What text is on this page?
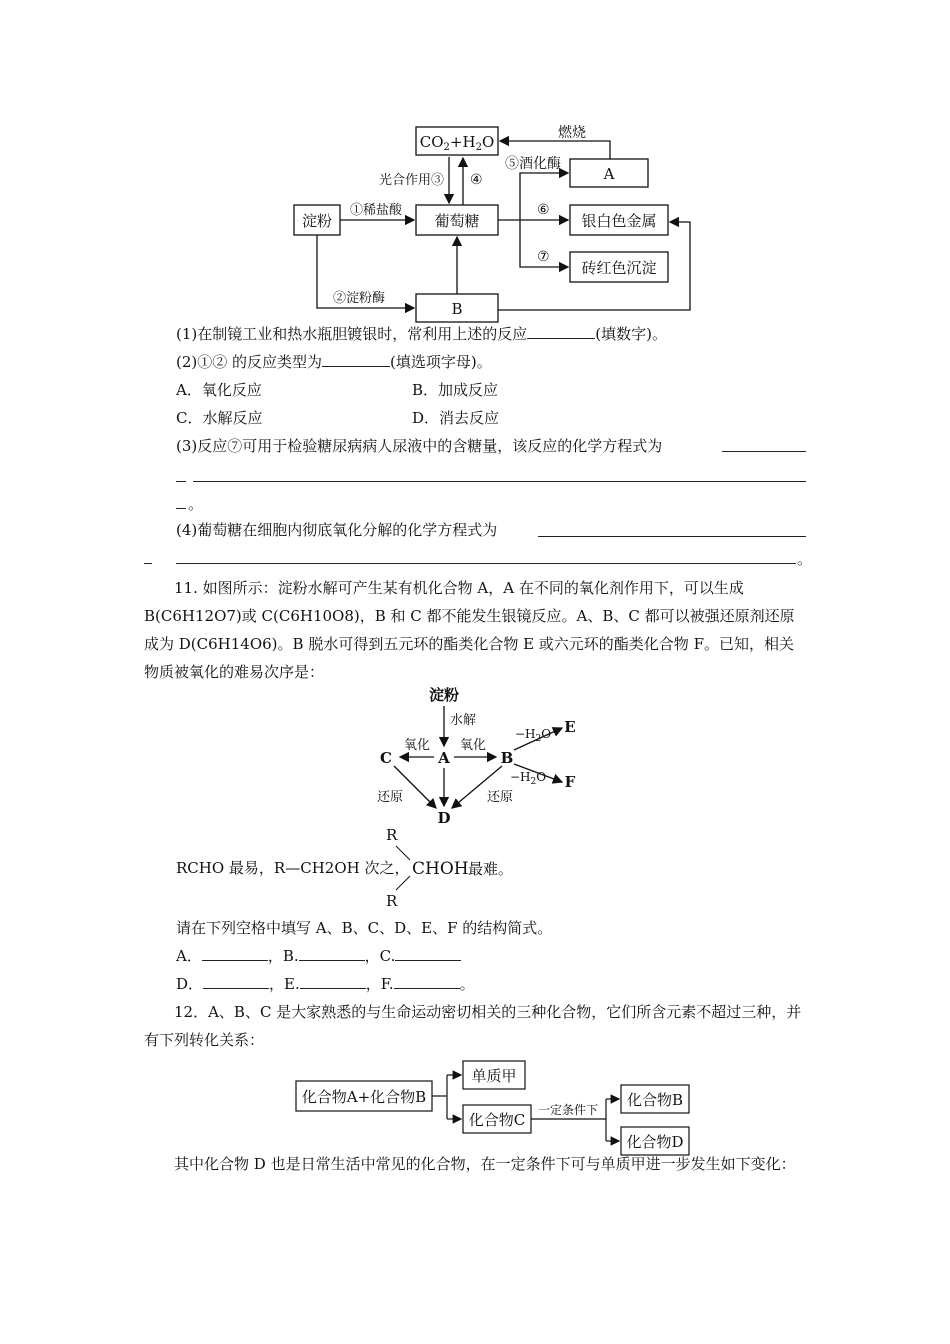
$CO_2+H_2O$	燃烧
A
光合作用③ ④
⑤酒化酶
淀粉
①稀盐酸
葡萄糖
⑥
银白色金属
⑦
砖红色沉淀
②淀粉酶
B
(1)在制镜工业和热水瓶胆镀银时，常利用上述的反应	(填数字)。
(2)①② 的反应类型为	(填选项字母)。
A．氧化反应	B．加成反应
C．水解反应	D．消去反应
(3)反应⑦可用于检验糖尿病病人尿液中的含糖量，该反应的化学方程式为
。
(4)葡萄糖在细胞内彻底氧化分解的化学方程式为
。
11. 如图所示：淀粉水解可产生某有机化合物 A，A 在不同的氧化剂作用下，可以生成 B(C6H12O7)或 C(C6H10O8)，B 和 C 都不能发生银镜反应。A、B、C 都可以被强还原剂还原成为 D(C6H14O6)。B 脱水可得到五元环的酯类化合物 E 或六元环的酯类化合物 F。已知，相关物质被氧化的难易次序是：
淀粉
水解
C	A	B
E
F
D
氧化 氧化
$-H_2O$
$-H_2O$
还原	还原
RCHO 最易，R—CH2OH 次之，
R
R
CHOH 最难。
请在下列空格中填写 A、B、C、D、E、F 的结构简式。
A．	，B.	，C.
D．	，E.	，F.	。
12．A、B、C 是大家熟悉的与生命运动密切相关的三种化合物，它们所含元素不超过三种，并有下列转化关系：
化合物A+化合物B
单质甲
化合物C
一定条件下
化合物B
化合物D
其中化合物 D 也是日常生活中常见的化合物，在一定条件下可与单质甲进一步发生如下变化：
